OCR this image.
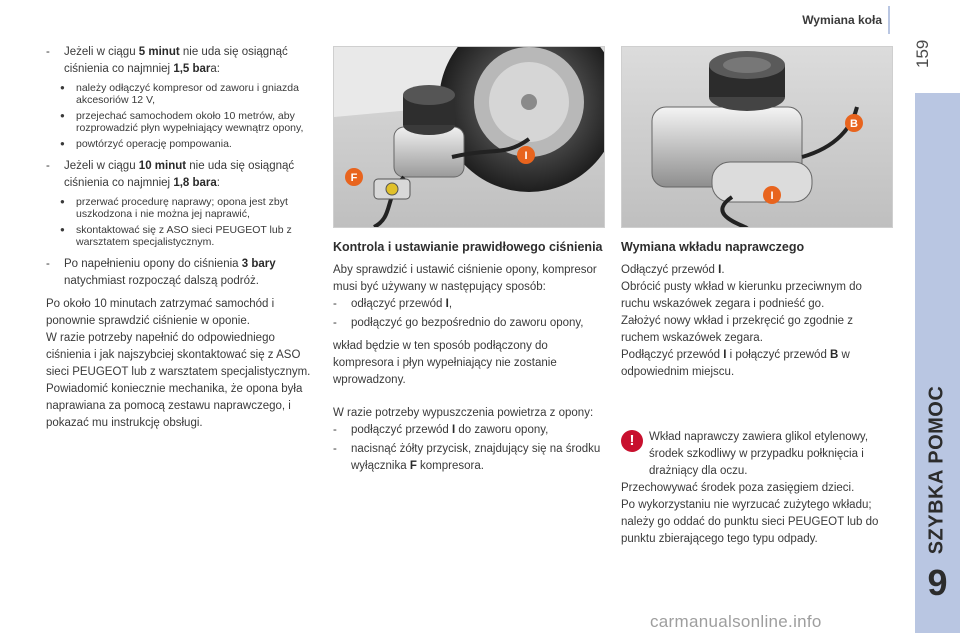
Wymiana koła
159
SZYBKA POMOC
9
- Jeżeli w ciągu 5 minut nie uda się osiągnąć ciśnienia co najmniej 1,5 bara:
● należy odłączyć kompresor od zaworu i gniazda akcesoriów 12 V,
● przejechać samochodem około 10 metrów, aby rozprowadzić płyn wypełniający wewnątrz opony,
● powtórzyć operację pompowania.
- Jeżeli w ciągu 10 minut nie uda się osiągnąć ciśnienia co najmniej 1,8 bara:
● przerwać procedurę naprawy; opona jest zbyt uszkodzona i nie można jej naprawić,
● skontaktować się z ASO sieci PEUGEOT lub z warsztatem specjalistycznym.
- Po napełnieniu opony do ciśnienia 3 bary natychmiast rozpocząć dalszą podróż.
Po około 10 minutach zatrzymać samochód i ponownie sprawdzić ciśnienie w oponie.
W razie potrzeby napełnić do odpowiedniego ciśnienia i jak najszybciej skontaktować się z ASO sieci PEUGEOT lub z warsztatem specjalistycznym.
Powiadomić koniecznie mechanika, że opona była naprawiana za pomocą zestawu naprawczego, i pokazać mu instrukcję obsługi.
F
I
B
I
Kontrola i ustawianie prawidłowego ciśnienia
Aby sprawdzić i ustawić ciśnienie opony, kompresor musi być używany w następujący sposób:
- odłączyć przewód I,
- podłączyć go bezpośrednio do zaworu opony,
wkład będzie w ten sposób podłączony do kompresora i płyn wypełniający nie zostanie wprowadzony.
W razie potrzeby wypuszczenia powietrza z opony:
- podłączyć przewód I do zaworu opony,
- nacisnąć żółty przycisk, znajdujący się na środku wyłącznika F kompresora.
Wymiana wkładu naprawczego
Odłączyć przewód I.
Obrócić pusty wkład w kierunku przeciwnym do ruchu wskazówek zegara i podnieść go.
Założyć nowy wkład i przekręcić go zgodnie z ruchem wskazówek zegara.
Podłączyć przewód I i połączyć przewód B w odpowiednim miejscu.
!	Wkład naprawczy zawiera glikol etylenowy, środek szkodliwy w przypadku połknięcia i drażniący dla oczu.
Przechowywać środek poza zasięgiem dzieci.
Po wykorzystaniu nie wyrzucać zużytego wkładu; należy go oddać do punktu sieci PEUGEOT lub do punktu zbierającego tego typu odpady.
carmanualsonline.info
